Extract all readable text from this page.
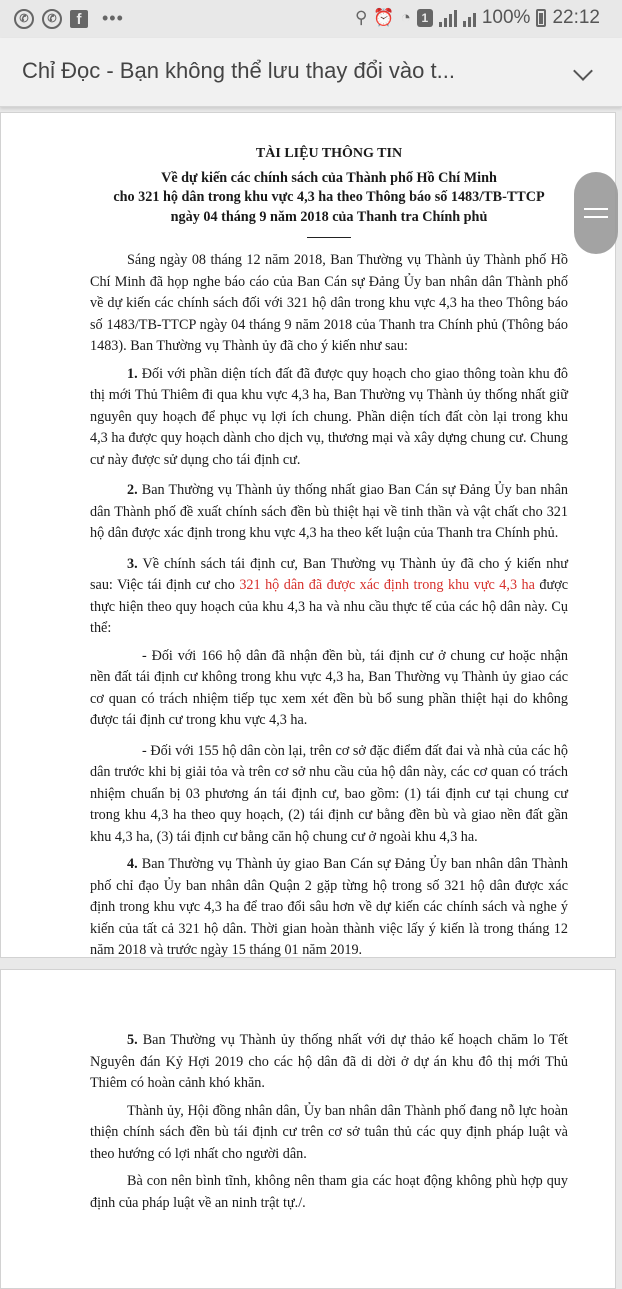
✆	✆	f	•••	⚲ ⏰ ◔ 1	100% 22:12
Chỉ Đọc - Bạn không thể lưu thay đổi vào t...
TÀI LIỆU THÔNG TIN
Về dự kiến các chính sách của Thành phố Hồ Chí Minh
cho 321 hộ dân trong khu vực 4,3 ha theo Thông báo số 1483/TB-TTCP
ngày 04 tháng 9 năm 2018 của Thanh tra Chính phủ

Sáng ngày 08 tháng 12 năm 2018, Ban Thường vụ Thành ủy Thành phố Hồ Chí Minh đã họp nghe báo cáo của Ban Cán sự Đảng Ủy ban nhân dân Thành phố về dự kiến các chính sách đối với 321 hộ dân trong khu vực 4,3 ha theo Thông báo số 1483/TB-TTCP ngày 04 tháng 9 năm 2018 của Thanh tra Chính phủ (Thông báo 1483). Ban Thường vụ Thành ủy đã cho ý kiến như sau:

1. Đối với phần diện tích đất đã được quy hoạch cho giao thông toàn khu đô thị mới Thủ Thiêm đi qua khu vực 4,3 ha, Ban Thường vụ Thành ủy thống nhất giữ nguyên quy hoạch để phục vụ lợi ích chung. Phần diện tích đất còn lại trong khu 4,3 ha được quy hoạch dành cho dịch vụ, thương mại và xây dựng chung cư. Chung cư này được sử dụng cho tái định cư.

2. Ban Thường vụ Thành ủy thống nhất giao Ban Cán sự Đảng Ủy ban nhân dân Thành phố đề xuất chính sách đền bù thiệt hại về tinh thần và vật chất cho 321 hộ dân được xác định trong khu vực 4,3 ha theo kết luận của Thanh tra Chính phủ.

3. Về chính sách tái định cư, Ban Thường vụ Thành ủy đã cho ý kiến như sau: Việc tái định cư cho 321 hộ dân đã được xác định trong khu vực 4,3 ha được thực hiện theo quy hoạch của khu 4,3 ha và nhu cầu thực tế của các hộ dân này. Cụ thể:

- Đối với 166 hộ dân đã nhận đền bù, tái định cư ở chung cư hoặc nhận nền đất tái định cư không trong khu vực 4,3 ha, Ban Thường vụ Thành ủy giao các cơ quan có trách nhiệm tiếp tục xem xét đền bù bổ sung phần thiệt hại do không được tái định cư trong khu vực 4,3 ha.

- Đối với 155 hộ dân còn lại, trên cơ sở đặc điểm đất đai và nhà của các hộ dân trước khi bị giải tỏa và trên cơ sở nhu cầu của hộ dân này, các cơ quan có trách nhiệm chuẩn bị 03 phương án tái định cư, bao gồm: (1) tái định cư tại chung cư trong khu 4,3 ha theo quy hoạch, (2) tái định cư bằng đền bù và giao nền đất gần khu 4,3 ha, (3) tái định cư bằng căn hộ chung cư ở ngoài khu 4,3 ha.

4. Ban Thường vụ Thành ủy giao Ban Cán sự Đảng Ủy ban nhân dân Thành phố chỉ đạo Ủy ban nhân dân Quận 2 gặp từng hộ trong số 321 hộ dân được xác định trong khu vực 4,3 ha để trao đổi sâu hơn về dự kiến các chính sách và nghe ý kiến của tất cả 321 hộ dân. Thời gian hoàn thành việc lấy ý kiến là trong tháng 12 năm 2018 và trước ngày 15 tháng 01 năm 2019.

5. Ban Thường vụ Thành ủy thống nhất với dự thảo kế hoạch chăm lo Tết Nguyên đán Kỷ Hợi 2019 cho các hộ dân đã di dời ở dự án khu đô thị mới Thủ Thiêm có hoàn cảnh khó khăn.

Thành ủy, Hội đồng nhân dân, Ủy ban nhân dân Thành phố đang nỗ lực hoàn thiện chính sách đền bù tái định cư trên cơ sở tuân thủ các quy định pháp luật và theo hướng có lợi nhất cho người dân.

Bà con nên bình tĩnh, không nên tham gia các hoạt động không phù hợp quy định của pháp luật về an ninh trật tự./.
